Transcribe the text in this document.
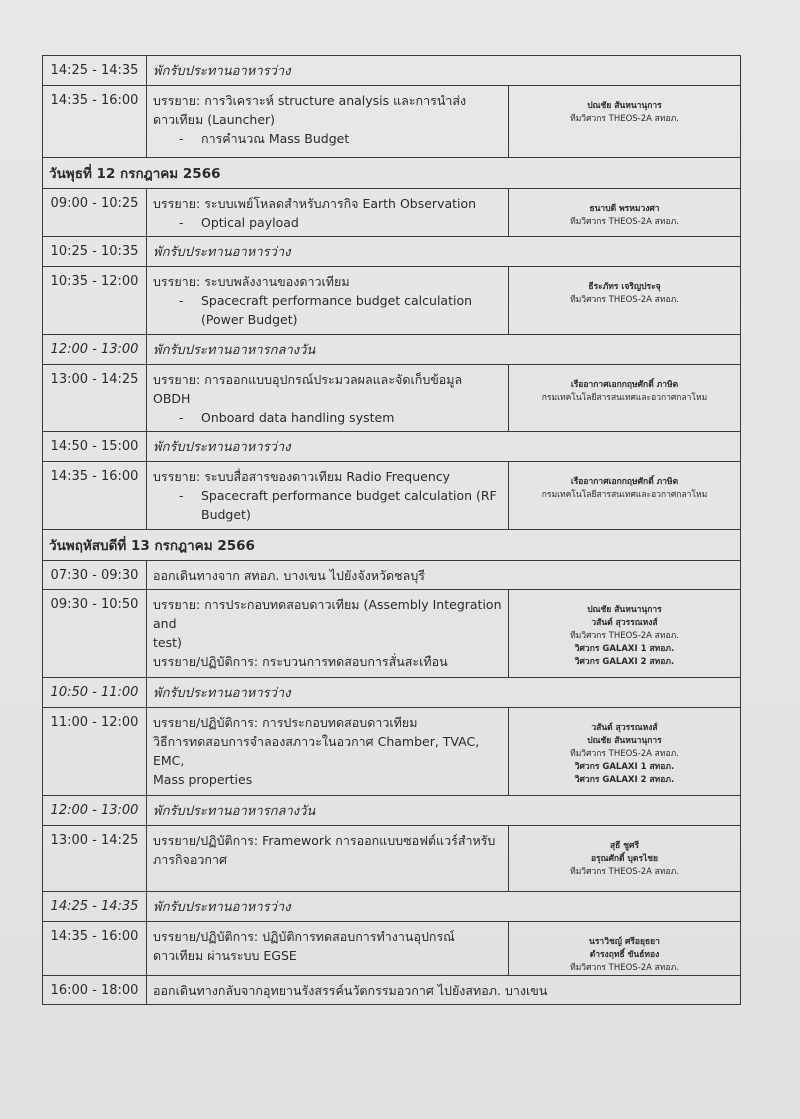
14:25 - 14:35	พักรับประทานอาหารว่าง	
14:35 - 16:00	บรรยาย: การวิเคราะห์ structure analysis และการนำส่ง
ดาวเทียม (Launcher)
- การคำนวณ Mass Budget	ปณชัย สันหนานุการ
ทีมวิศวกร THEOS-2A สทอภ.

วันพุธที่ 12 กรกฎาคม 2566		
09:00 - 10:25	บรรยาย: ระบบเพย์โหลดสำหรับภารกิจ Earth Observation
- Optical payload	ธนาบดี พรหมวงศา
ทีมวิศวกร THEOS-2A สทอภ.

10:25 - 10:35	พักรับประทานอาหารว่าง	
10:35 - 12:00	บรรยาย: ระบบพลังงานของดาวเทียม
- Spacecraft performance budget calculation
(Power Budget)	ธีระภัทร เจริญประจุ
ทีมวิศวกร THEOS-2A สทอภ.

12:00 - 13:00	พักรับประทานอาหารกลางวัน	
13:00 - 14:25	บรรยาย: การออกแบบอุปกรณ์ประมวลผลและจัดเก็บข้อมูล OBDH
- Onboard data handling system	เรืออากาศเอกกฤษศักดิ์ ภาษิต
กรมเทคโนโลยีสารสนเทศและอวกาศกลาโหม

14:50 - 15:00	พักรับประทานอาหารว่าง	
14:35 - 16:00	บรรยาย: ระบบสื่อสารของดาวเทียม Radio Frequency
- Spacecraft performance budget calculation (RF
Budget)	เรืออากาศเอกกฤษศักดิ์ ภาษิต
กรมเทคโนโลยีสารสนเทศและอวกาศกลาโหม

วันพฤหัสบดีที่ 13 กรกฎาคม 2566		
07:30 - 09:30	ออกเดินทางจาก สทอภ. บางเขน ไปยังจังหวัดชลบุรี	
09:30 - 10:50	บรรยาย: การประกอบทดสอบดาวเทียม (Assembly Integration and
test)
บรรยาย/ปฏิบัติการ: กระบวนการทดสอบการสั่นสะเทือน	ปณชัย สันหนานุการ
วสันต์ สุวรรณหงส์
ทีมวิศวกร THEOS-2A สทอภ.
วิศวกร GALAXI 1 สทอภ.
วิศวกร GALAXI 2 สทอภ.

10:50 - 11:00	พักรับประทานอาหารว่าง	
11:00 - 12:00	บรรยาย/ปฏิบัติการ: การประกอบทดสอบดาวเทียม
วิธีการทดสอบการจำลองสภาวะในอวกาศ Chamber, TVAC, EMC,
Mass properties	วสันต์ สุวรรณหงส์
ปณชัย สันหนานุการ
ทีมวิศวกร THEOS-2A สทอภ.
วิศวกร GALAXI 1 สทอภ.
วิศวกร GALAXI 2 สทอภ.

12:00 - 13:00	พักรับประทานอาหารกลางวัน	
13:00 - 14:25	บรรยาย/ปฏิบัติการ: Framework การออกแบบซอฟต์แวร์สำหรับ
ภารกิจอวกาศ	สุธี ชูศรี
อรุณศักดิ์ บุตรไชย
ทีมวิศวกร THEOS-2A สทอภ.

14:25 - 14:35	พักรับประทานอาหารว่าง	
14:35 - 16:00	บรรยาย/ปฏิบัติการ: ปฏิบัติการทดสอบการทำงานอุปกรณ์
ดาวเทียม ผ่านระบบ EGSE	นราวิชญ์ ศรีอยุธยา
ดำรงฤทธิ์ ขันธ์ทอง
ทีมวิศวกร THEOS-2A สทอภ.

16:00 - 18:00	ออกเดินทางกลับจากอุทยานรังสรรค์นวัตกรรมอวกาศ ไปยังสทอภ. บางเขน	
